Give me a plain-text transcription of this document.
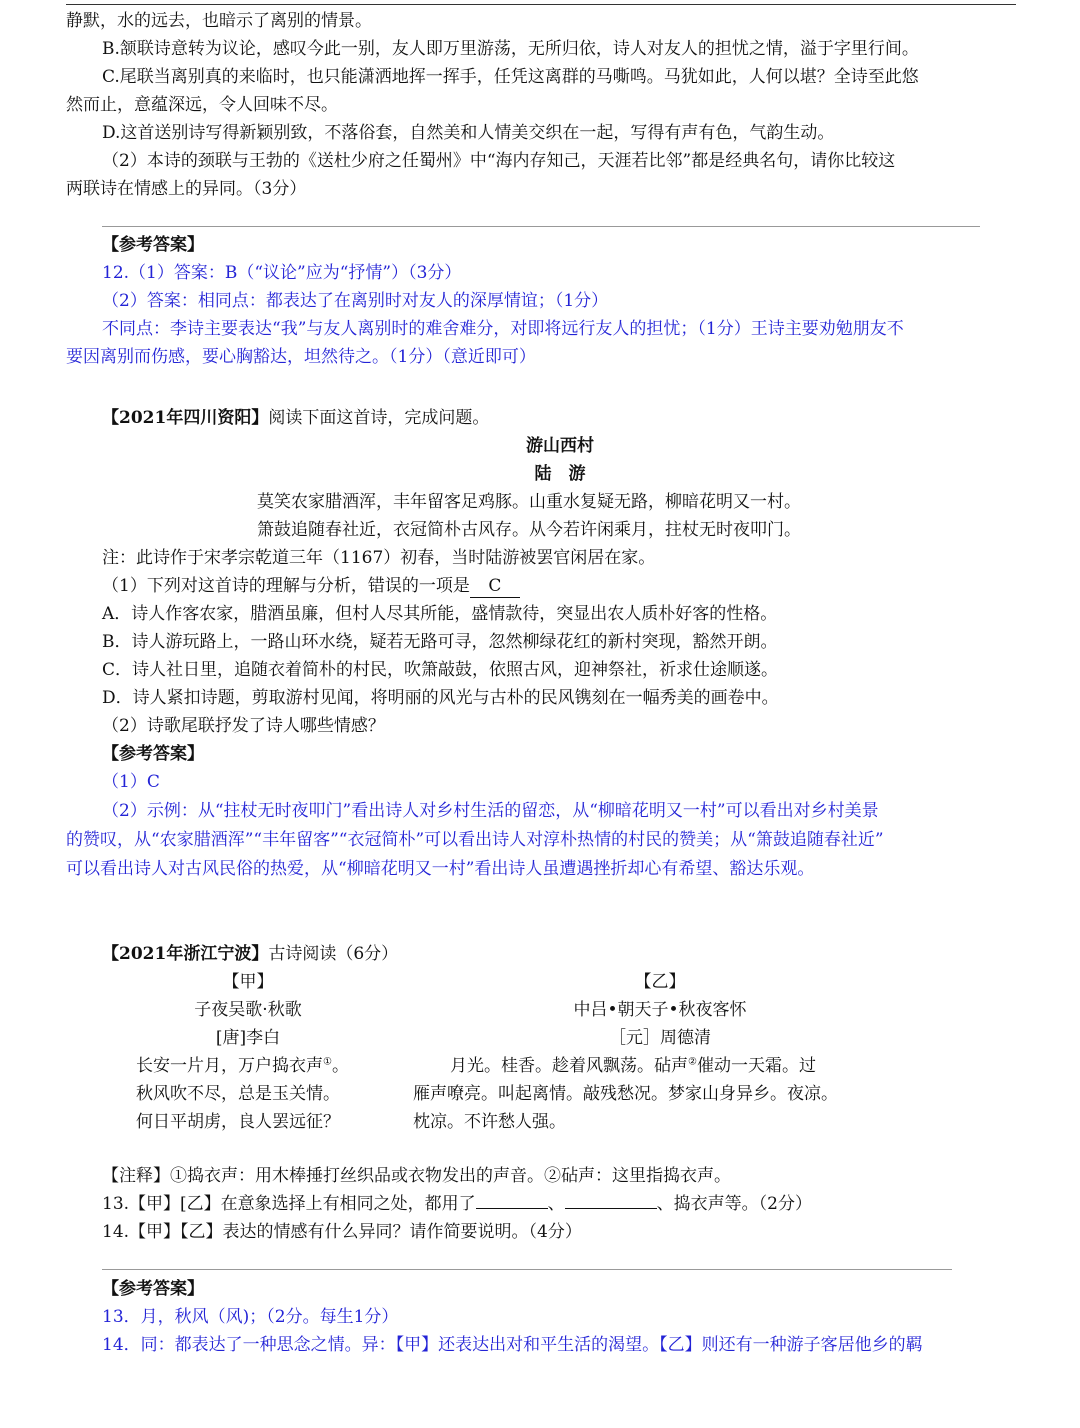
静默，水的远去，也暗示了离别的情景。
B.颔联诗意转为议论，感叹今此一别，友人即万里游荡，无所归依，诗人对友人的担忧之情，溢于字里行间。
C.尾联当离别真的来临时，也只能潇洒地挥一挥手，任凭这离群的马嘶鸣。马犹如此，人何以堪？全诗至此悠
然而止，意蕴深远，令人回味不尽。
D.这首送别诗写得新颖别致，不落俗套，自然美和人情美交织在一起，写得有声有色，气韵生动。
（2）本诗的颈联与王勃的《送杜少府之任蜀州》中“海内存知己，天涯若比邻”都是经典名句，请你比较这
两联诗在情感上的异同。（3分）
【参考答案】
12.（1）答案：B（“议论”应为“抒情”）（3分）
（2）答案：相同点：都表达了在离别时对友人的深厚情谊；（1分）
不同点：李诗主要表达“我”与友人离别时的难舍难分，对即将远行友人的担忧；（1分）王诗主要劝勉朋友不
要因离别而伤感，要心胸豁达，坦然待之。（1分）（意近即可）
【2021年四川资阳】阅读下面这首诗，完成问题。
游山西村
陆　游
莫笑农家腊酒浑，丰年留客足鸡豚。山重水复疑无路，柳暗花明又一村。
箫鼓追随春社近，衣冠简朴古风存。从今若许闲乘月，拄杖无时夜叩门。
注：此诗作于宋孝宗乾道三年（1167）初春，当时陆游被罢官闲居在家。
（1）下列对这首诗的理解与分析，错误的一项是 C
A．诗人作客农家，腊酒虽廉，但村人尽其所能，盛情款待，突显出农人质朴好客的性格。
B．诗人游玩路上，一路山环水绕，疑若无路可寻，忽然柳绿花红的新村突现，豁然开朗。
C．诗人社日里，追随衣着简朴的村民，吹箫敲鼓，依照古风，迎神祭社，祈求仕途顺遂。
D．诗人紧扣诗题，剪取游村见闻，将明丽的风光与古朴的民风镌刻在一幅秀美的画卷中。
（2）诗歌尾联抒发了诗人哪些情感？
【参考答案】
（1）C
（2）示例：从“拄杖无时夜叩门”看出诗人对乡村生活的留恋，从“柳暗花明又一村”可以看出对乡村美景
的赞叹，从“农家腊酒浑”“丰年留客”“衣冠简朴”可以看出诗人对淳朴热情的村民的赞美；从“箫鼓追随春社近”
可以看出诗人对古风民俗的热爱，从“柳暗花明又一村”看出诗人虽遭遇挫折却心有希望、豁达乐观。
【2021年浙江宁波】古诗阅读（6分）
【甲】
子夜吴歌·秋歌
[唐]李白
长安一片月，万户捣衣声①。
秋风吹不尽，总是玉关情。
何日平胡虏，良人罢远征？
【乙】
中吕•朝天子•秋夜客怀
［元］周德清
月光。桂香。趁着风飘荡。砧声②催动一天霜。过
雁声嘹亮。叫起离情。敲残愁况。梦家山身异乡。夜凉。
枕凉。不许愁人强。
【注释】①捣衣声：用木棒捶打丝织品或衣物发出的声音。②砧声：这里指捣衣声。
13.【甲】[乙】在意象选择上有相同之处，都用了	、	、捣衣声等。（2分）
14.【甲】【乙】表达的情感有什么异同？请作简要说明。（4分）
【参考答案】
13．月，秋风（风)；（2分。每生1分）
14．同：都表达了一种思念之情。异：【甲】还表达出对和平生活的渴望。【乙】则还有一种游子客居他乡的羁
